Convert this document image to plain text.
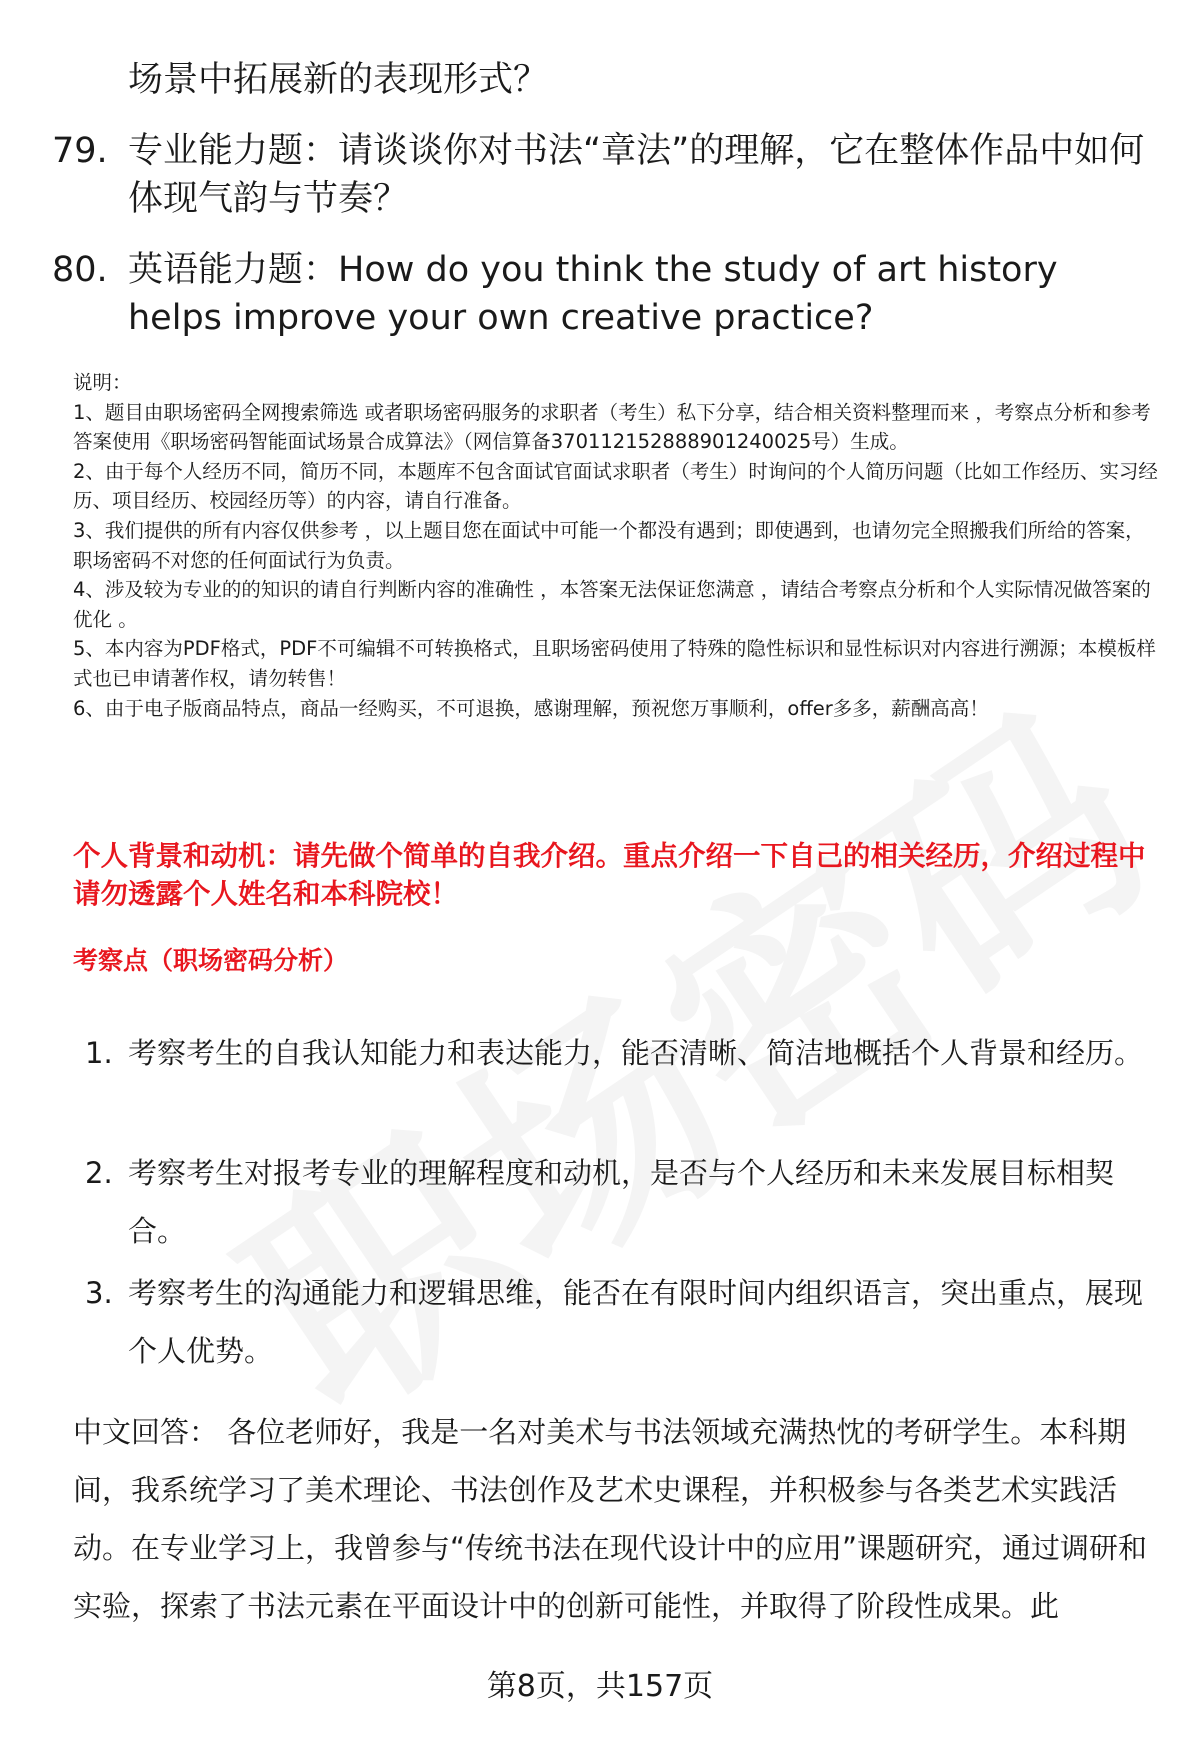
场景中拓展新的表现形式？
79. 专业能力题：请谈谈你对书法“章法”的理解，它在整体作品中如何体现气韵与节奏？
80. 英语能力题：How do you think the study of art history helps improve your own creative practice?
说明：
1、题目由职场密码全网搜索筛选 或者职场密码服务的求职者（考生）私下分享，结合相关资料整理而来 ，考察点分析和参考答案使用《职场密码智能面试场景合成算法》（网信算备370112152888901240025号）生成。
2、由于每个人经历不同，简历不同，本题库不包含面试官面试求职者（考生）时询问的个人简历问题（比如工作经历、实习经历、项目经历、校园经历等）的内容，请自行准备。
3、我们提供的所有内容仅供参考 ，以上题目您在面试中可能一个都没有遇到；即使遇到，也请勿完全照搬我们所给的答案，职场密码不对您的任何面试行为负责。
4、涉及较为专业的的知识的请自行判断内容的准确性 ，本答案无法保证您满意 ，请结合考察点分析和个人实际情况做答案的优化 。
5、本内容为PDF格式，PDF不可编辑不可转换格式，且职场密码使用了特殊的隐性标识和显性标识对内容进行溯源；本模板样式也已申请著作权，请勿转售！
6、由于电子版商品特点，商品一经购买，不可退换，感谢理解，预祝您万事顺利，offer多多，薪酬高高！
个人背景和动机：请先做个简单的自我介绍。重点介绍一下自己的相关经历，介绍过程中请勿透露个人姓名和本科院校！
考察点（职场密码分析）
1. 考察考生的自我认知能力和表达能力，能否清晰、简洁地概括个人背景和经历。
2. 考察考生对报考专业的理解程度和动机，是否与个人经历和未来发展目标相契合。
3. 考察考生的沟通能力和逻辑思维，能否在有限时间内组织语言，突出重点，展现个人优势。
中文回答： 各位老师好，我是一名对美术与书法领域充满热忱的考研学生。本科期间，我系统学习了美术理论、书法创作及艺术史课程，并积极参与各类艺术实践活动。在专业学习上，我曾参与“传统书法在现代设计中的应用”课题研究，通过调研和实验，探索了书法元素在平面设计中的创新可能性，并取得了阶段性成果。此
第8页，共157页
